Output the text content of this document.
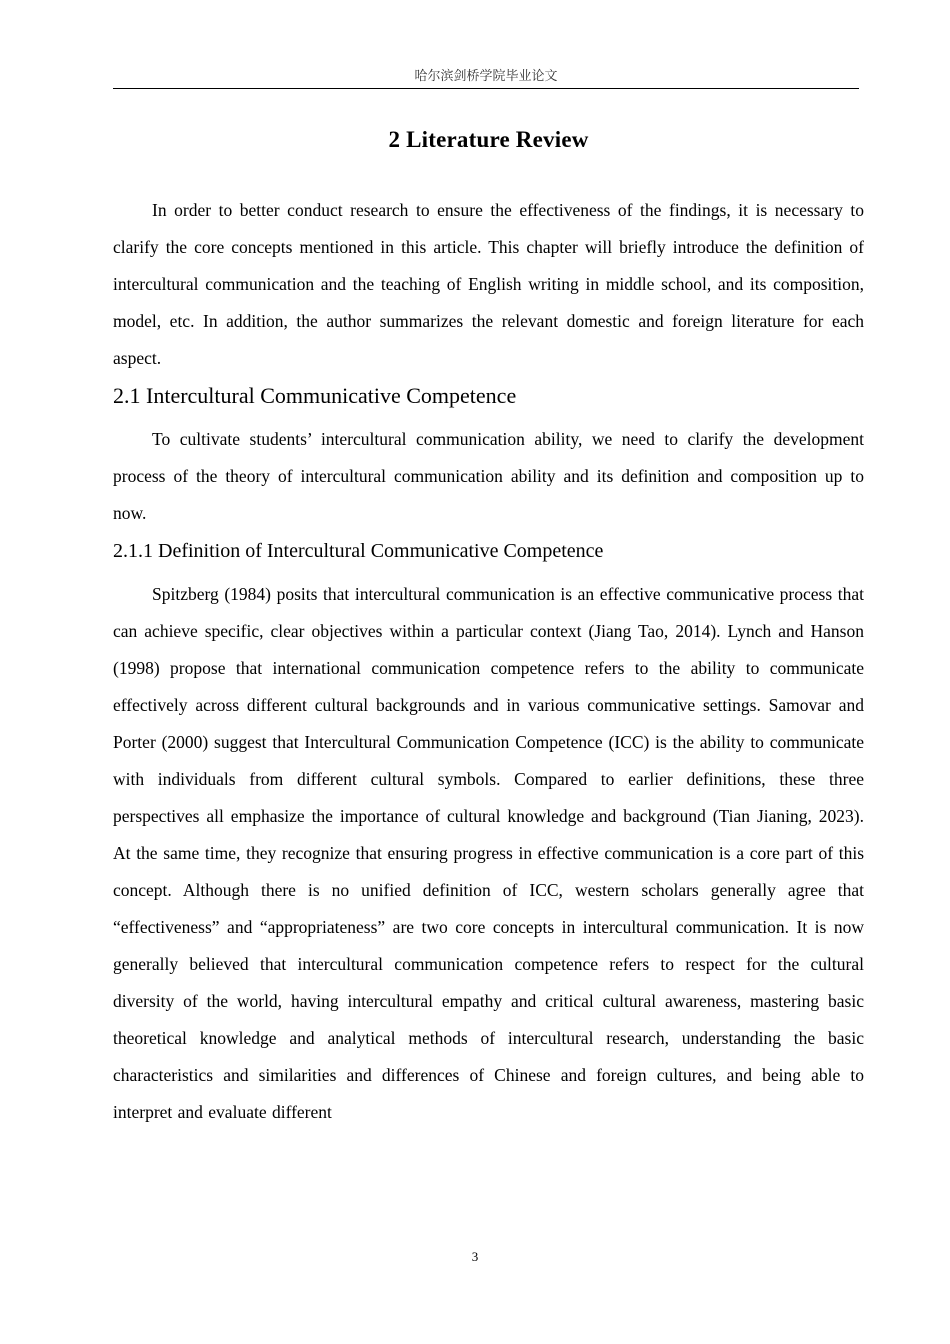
哈尔滨剑桥学院毕业论文
2 Literature Review

In order to better conduct research to ensure the effectiveness of the findings, it is necessary to clarify the core concepts mentioned in this article. This chapter will briefly introduce the definition of intercultural communication and the teaching of English writing in middle school, and its composition, model, etc. In addition, the author summarizes the relevant domestic and foreign literature for each aspect.

2.1 Intercultural Communicative Competence

To cultivate students’ intercultural communication ability, we need to clarify the development process of the theory of intercultural communication ability and its definition and composition up to now.

2.1.1 Definition of Intercultural Communicative Competence

Spitzberg (1984) posits that intercultural communication is an effective communicative process that can achieve specific, clear objectives within a particular context (Jiang Tao, 2014). Lynch and Hanson (1998) propose that international communication competence refers to the ability to communicate effectively across different cultural backgrounds and in various communicative settings. Samovar and Porter (2000) suggest that Intercultural Communication Competence (ICC) is the ability to communicate with individuals from different cultural symbols. Compared to earlier definitions, these three perspectives all emphasize the importance of cultural knowledge and background (Tian Jianing, 2023). At the same time, they recognize that ensuring progress in effective communication is a core part of this concept. Although there is no unified definition of ICC, western scholars generally agree that “effectiveness” and “appropriateness” are two core concepts in intercultural communication. It is now generally believed that intercultural communication competence refers to respect for the cultural diversity of the world, having intercultural empathy and critical cultural awareness, mastering basic theoretical knowledge and analytical methods of intercultural research, understanding the basic characteristics and similarities and differences of Chinese and foreign cultures, and being able to interpret and evaluate different

3
